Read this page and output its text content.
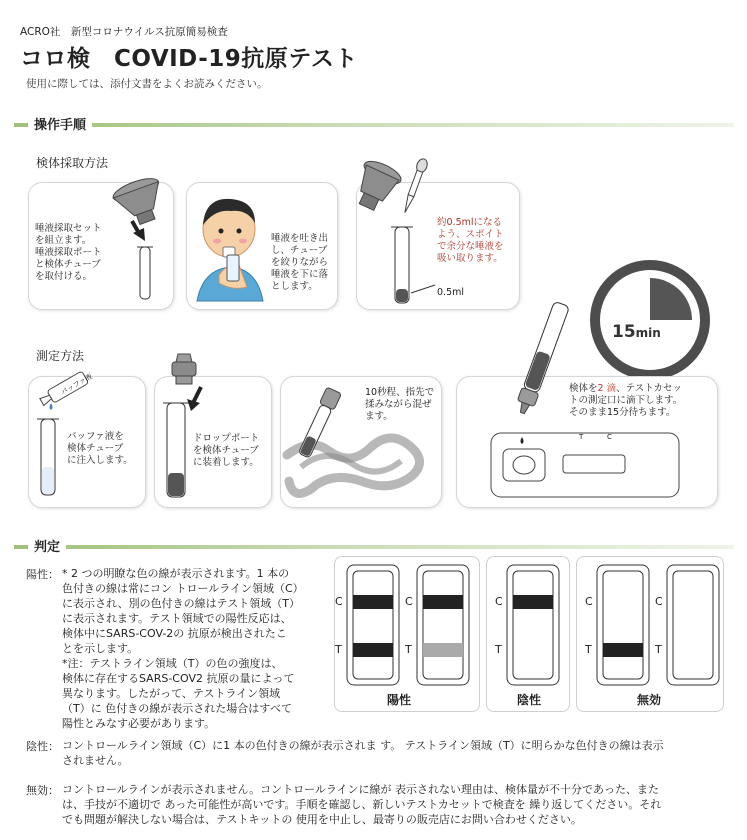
ACRO社　新型コロナウイルス抗原簡易検査
コロ検　COVID-19抗原テスト
使用に際しては、添付文書をよくお読みください。
操作手順
検体採取方法
唾液採取セット
を組立ます。
唾液採取ポート
と検体チューブ
を取付ける。
唾液を吐き出
し、チューブ
を絞りながら
唾液を下に落
とします。
0.5ml
約0.5mlになる
よう、スポイト
で余分な唾液を
吸い取ります。
15min
測定方法
バッファ液
バッファ液を
検体チューブ
に注入します。
ドロップポート
を検体チューブ
に装着します。
10秒程、指先で
揉みながら混ぜ
ます。
T	C
検体を2 滴、テストカセッ
トの測定口に滴下します。
そのまま15分待ちます。
判定
陽性： * 2 つの明瞭な色の線が表示されます。1 本の
色付きの線は常にコン トロールライン領域（C）
に表示され、別の色付きの線はテスト領域（T）
に表示されます。テスト領域での陽性反応は、
検体中にSARS-COV-2の 抗原が検出されたこ
とを示します。
*注：テストライン領域（T）の色の強度は、
検体に存在するSARS-COV2 抗原の量によって
異なります。したがって、テストライン領域
（T）に 色付きの線が表示された場合はすべて
陽性とみなす必要があります。
C
T
C
T
陽性
C
T
陰性
C
T
C
T
無効
陰性： コントロールライン領域（C）に1 本の色付きの線が表示されま す。 テストライン領域（T）に明らかな色付きの線は表示
されません。
無効： コントロールラインが表示されません。コントロールラインに線が 表示されない理由は、検体量が不十分であった、また
は、手技が不適切で あった可能性が高いです。手順を確認し、新しいテストカセットで検査を 繰り返してください。それ
でも問題が解決しない場合は、テストキットの 使用を中止し、最寄りの販売店にお問い合わせください。
